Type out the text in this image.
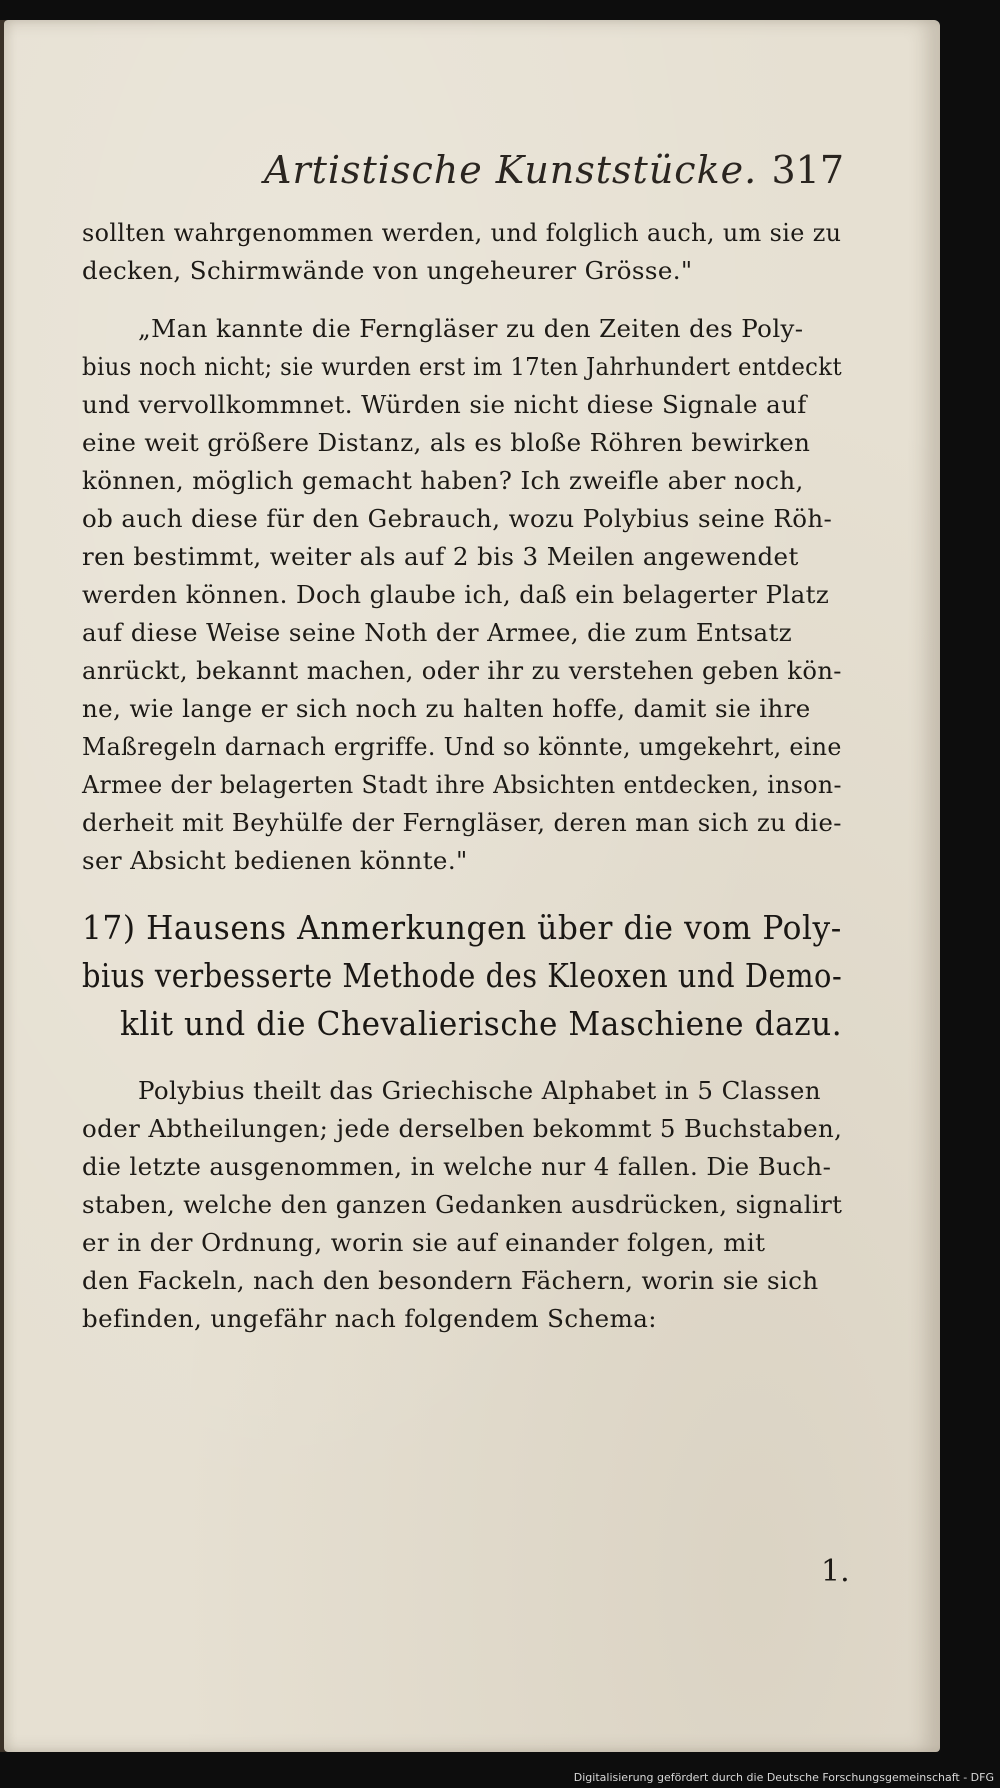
Artistische Kunststücke. 317
sollten wahrgenommen werden, und folglich auch, um sie zu
decken, Schirmwände von ungeheurer Grösse."
„Man kannte die Ferngläser zu den Zeiten des Poly-
bius noch nicht; sie wurden erst im 17ten Jahrhundert entdeckt
und vervollkommnet. Würden sie nicht diese Signale auf
eine weit größere Distanz, als es bloße Röhren bewirken
können, möglich gemacht haben? Ich zweifle aber noch,
ob auch diese für den Gebrauch, wozu Polybius seine Röh-
ren bestimmt, weiter als auf 2 bis 3 Meilen angewendet
werden können. Doch glaube ich, daß ein belagerter Platz
auf diese Weise seine Noth der Armee, die zum Entsatz
anrückt, bekannt machen, oder ihr zu verstehen geben kön-
ne, wie lange er sich noch zu halten hoffe, damit sie ihre
Maßregeln darnach ergriffe. Und so könnte, umgekehrt, eine
Armee der belagerten Stadt ihre Absichten entdecken, inson-
derheit mit Beyhülfe der Ferngläser, deren man sich zu die-
ser Absicht bedienen könnte."
17) Hausens Anmerkungen über die vom Poly-
bius verbesserte Methode des Kleoxen und Demo-
klit und die Chevalierische Maschiene dazu.
Polybius theilt das Griechische Alphabet in 5 Classen
oder Abtheilungen; jede derselben bekommt 5 Buchstaben,
die letzte ausgenommen, in welche nur 4 fallen. Die Buch-
staben, welche den ganzen Gedanken ausdrücken, signalirt
er in der Ordnung, worin sie auf einander folgen, mit
den Fackeln, nach den besondern Fächern, worin sie sich
befinden, ungefähr nach folgendem Schema:
1.
Digitalisierung gefördert durch die Deutsche Forschungsgemeinschaft - DFG
